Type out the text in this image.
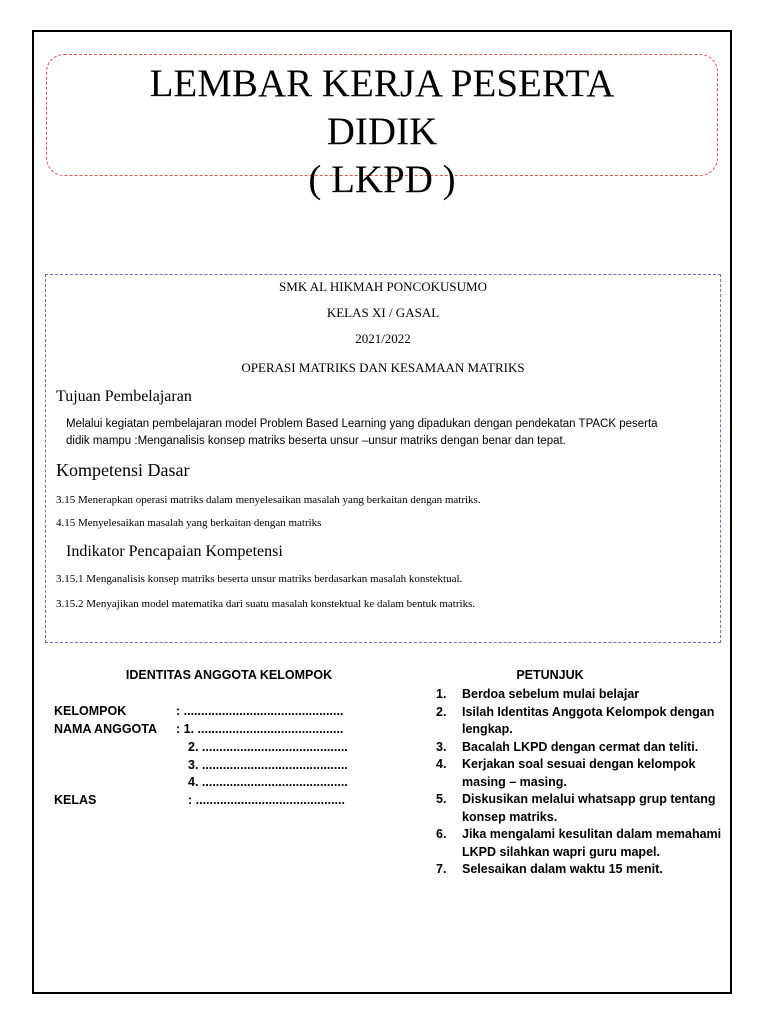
LEMBAR KERJA PESERTA
DIDIK
( LKPD )

SMK AL HIKMAH PONCOKUSUMO

KELAS XI / GASAL

2021/2022

OPERASI MATRIKS DAN KESAMAAN MATRIKS

Tujuan Pembelajaran

Melalui kegiatan pembelajaran model Problem Based Learning yang dipadukan dengan pendekatan TPACK peserta

didik mampu :Menganalisis konsep matriks beserta unsur –unsur matriks dengan benar dan tepat.

Kompetensi Dasar

3.15 Menerapkan operasi matriks dalam menyelesaikan masalah yang berkaitan dengan matriks.

4.15 Menyelesaikan masalah yang berkaitan dengan matriks

Indikator Pencapaian Kompetensi

3.15.1 Menganalisis konsep matriks beserta unsur matriks berdasarkan masalah konstektual.

3.15.2 Menyajikan model matematika dari suatu masalah konstektual ke dalam bentuk matriks.

IDENTITAS ANGGOTA KELOMPOK
KELOMPOK	: ..............................................
NAMA ANGGOTA : 1. ..........................................
2. ..........................................
3. ..........................................
4. ..........................................
KELAS	: ...........................................
PETUNJUK
1. Berdoa sebelum mulai belajar
2. Isilah Identitas Anggota Kelompok dengan lengkap.
3. Bacalah LKPD dengan cermat dan teliti.
4. Kerjakan soal sesuai dengan kelompok masing – masing.
5. Diskusikan melalui whatsapp grup tentang konsep matriks.
6. Jika mengalami kesulitan dalam memahami LKPD silahkan wapri guru mapel.
7. Selesaikan dalam waktu 15 menit.
